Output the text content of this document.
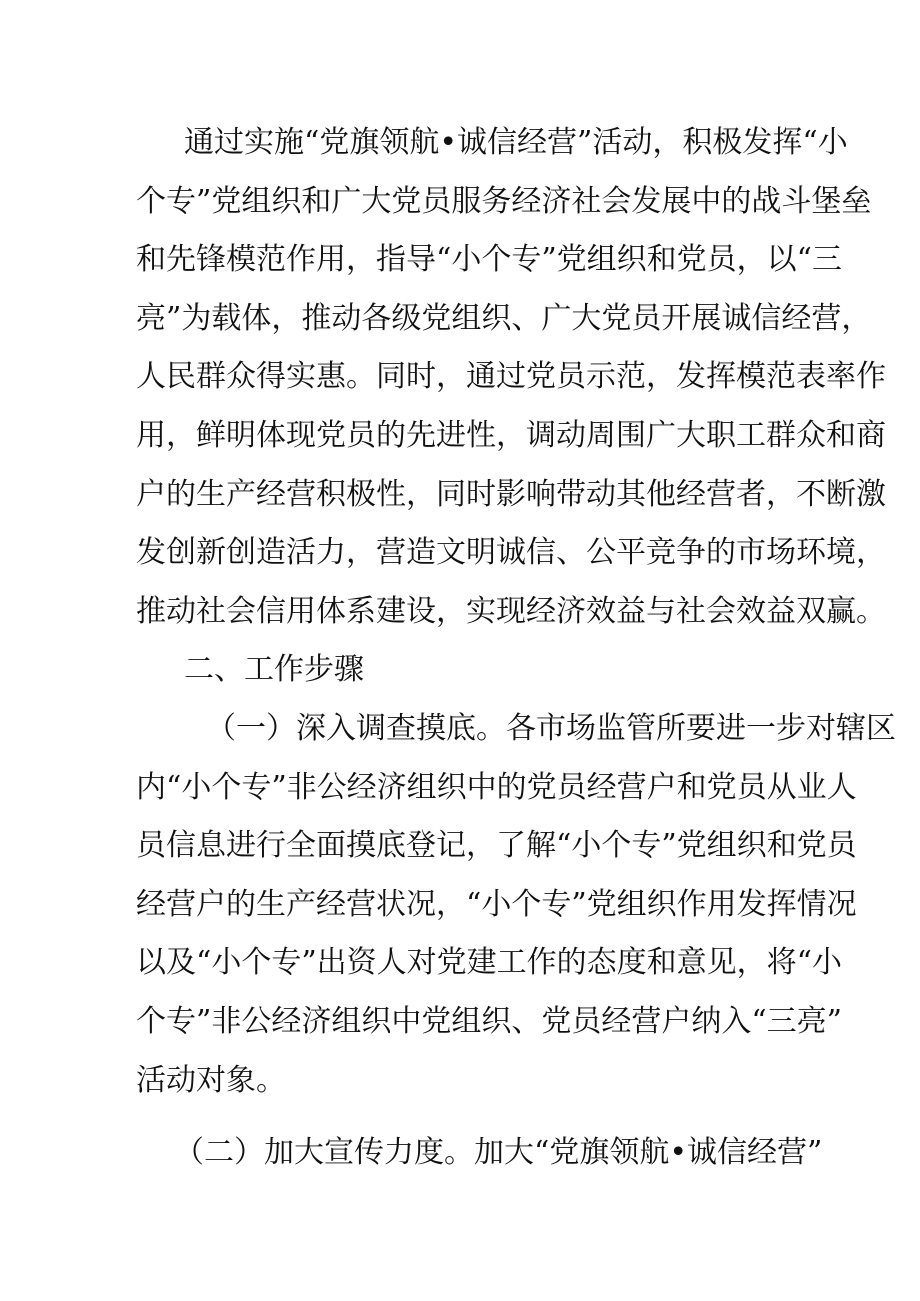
通过实施“党旗领航•诚信经营”活动，积极发挥“小
个专”党组织和广大党员服务经济社会发展中的战斗堡垒
和先锋模范作用，指导“小个专”党组织和党员，以“三
亮”为载体，推动各级党组织、广大党员开展诚信经营，
人民群众得实惠。同时，通过党员示范，发挥模范表率作
用，鲜明体现党员的先进性，调动周围广大职工群众和商
户的生产经营积极性，同时影响带动其他经营者，不断激
发创新创造活力，营造文明诚信、公平竞争的市场环境，
推动社会信用体系建设，实现经济效益与社会效益双赢。
二、工作步骤
（一）深入调查摸底。各市场监管所要进一步对辖区
内“小个专”非公经济组织中的党员经营户和党员从业人
员信息进行全面摸底登记，了解“小个专”党组织和党员
经营户的生产经营状况，“小个专”党组织作用发挥情况
以及“小个专”出资人对党建工作的态度和意见，将“小
个专”非公经济组织中党组织、党员经营户纳入“三亮”
活动对象。
（二）加大宣传力度。加大“党旗领航•诚信经营”
